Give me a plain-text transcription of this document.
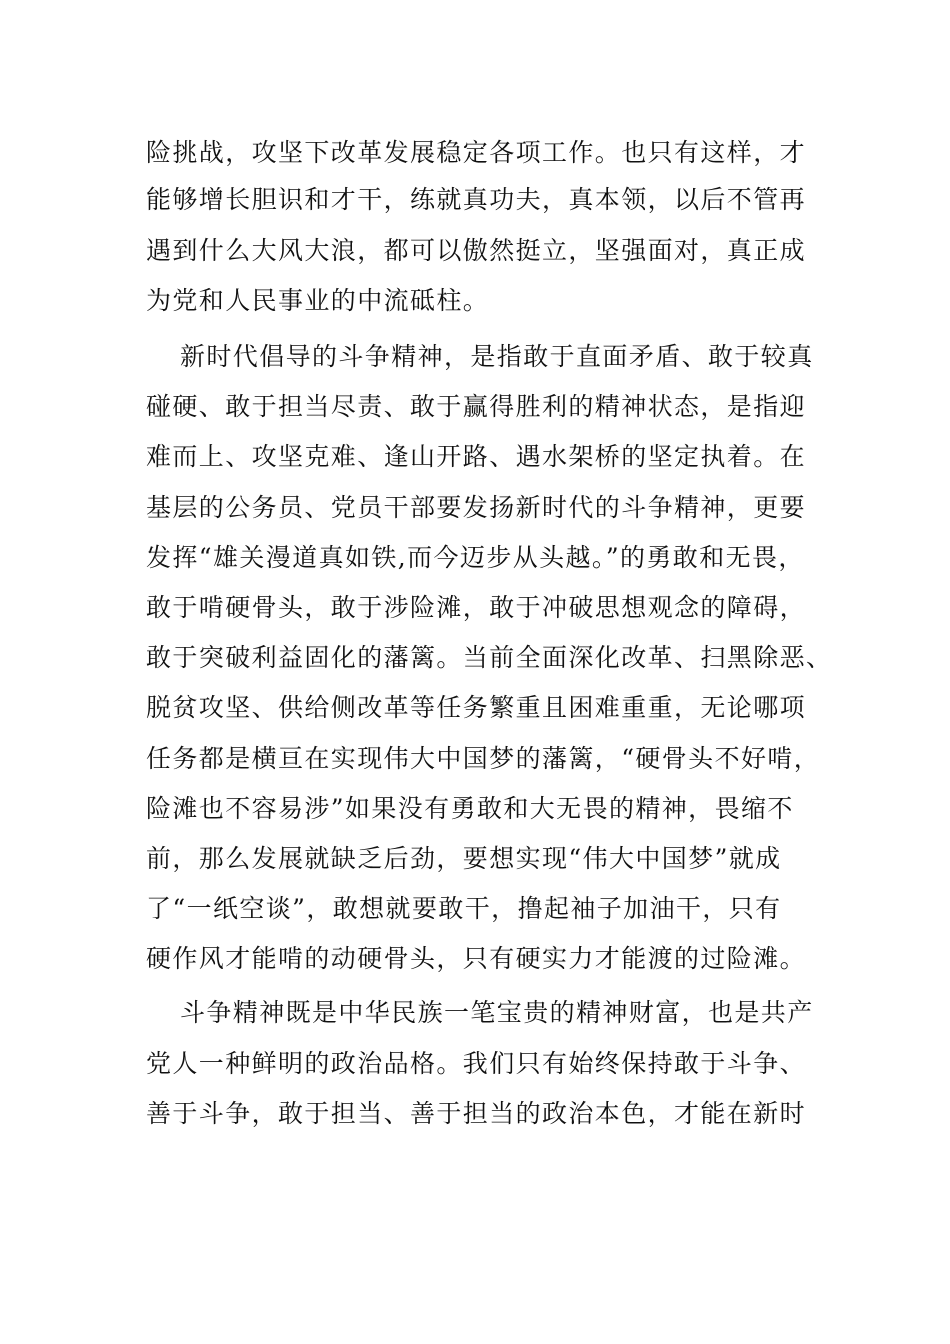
险挑战，攻坚下改革发展稳定各项工作。也只有这样，才
能够增长胆识和才干，练就真功夫，真本领，以后不管再
遇到什么大风大浪，都可以傲然挺立，坚强面对，真正成
为党和人民事业的中流砥柱。
新时代倡导的斗争精神，是指敢于直面矛盾、敢于较真
碰硬、敢于担当尽责、敢于赢得胜利的精神状态，是指迎
难而上、攻坚克难、逢山开路、遇水架桥的坚定执着。在
基层的公务员、党员干部要发扬新时代的斗争精神，更要
发挥“雄关漫道真如铁,而今迈步从头越。”的勇敢和无畏，
敢于啃硬骨头，敢于涉险滩，敢于冲破思想观念的障碍，
敢于突破利益固化的藩篱。当前全面深化改革、扫黑除恶、
脱贫攻坚、供给侧改革等任务繁重且困难重重，无论哪项
任务都是横亘在实现伟大中国梦的藩篱，“硬骨头不好啃，
险滩也不容易涉”如果没有勇敢和大无畏的精神，畏缩不
前，那么发展就缺乏后劲，要想实现“伟大中国梦”就成
了“一纸空谈”，敢想就要敢干，撸起袖子加油干，只有
硬作风才能啃的动硬骨头，只有硬实力才能渡的过险滩。
斗争精神既是中华民族一笔宝贵的精神财富，也是共产
党人一种鲜明的政治品格。我们只有始终保持敢于斗争、
善于斗争，敢于担当、善于担当的政治本色，才能在新时
